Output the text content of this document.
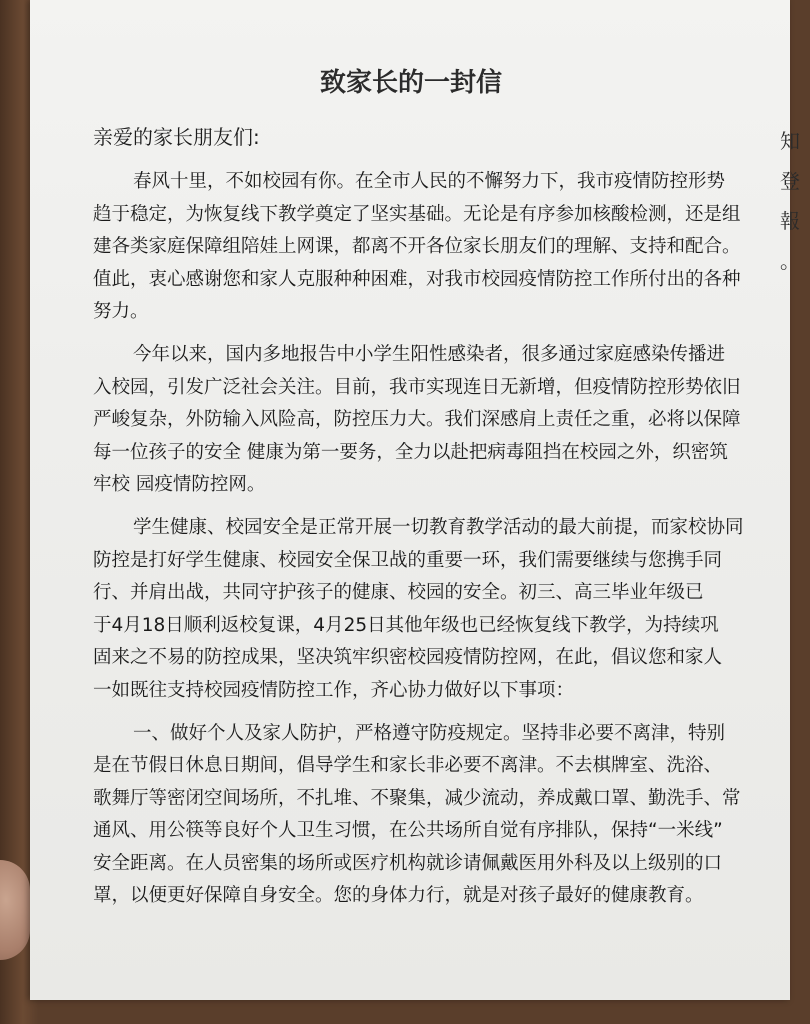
致家长的一封信
亲爱的家长朋友们:
春风十里，不如校园有你。在全市人民的不懈努力下，我市疫情防控形势
趋于稳定，为恢复线下教学奠定了坚实基础。无论是有序参加核酸检测，还是组
建各类家庭保障组陪娃上网课，都离不开各位家长朋友们的理解、支持和配合。
值此，衷心感谢您和家人克服种种困难，对我市校园疫情防控工作所付出的各种
努力。
今年以来，国内多地报告中小学生阳性感染者，很多通过家庭感染传播进
入校园，引发广泛社会关注。目前，我市实现连日无新增，但疫情防控形势依旧
严峻复杂，外防输入风险高，防控压力大。我们深感肩上责任之重，必将以保障
每一位孩子的安全 健康为第一要务，全力以赴把病毒阻挡在校园之外，织密筑
牢校 园疫情防控网。
学生健康、校园安全是正常开展一切教育教学活动的最大前提，而家校协同
防控是打好学生健康、校园安全保卫战的重要一环，我们需要继续与您携手同
行、并肩出战，共同守护孩子的健康、校园的安全。初三、高三毕业年级已
于4月18日顺利返校复课，4月25日其他年级也已经恢复线下教学，为持续巩
固来之不易的防控成果，坚决筑牢织密校园疫情防控网，在此，倡议您和家人
一如既往支持校园疫情防控工作，齐心协力做好以下事项：
一、做好个人及家人防护，严格遵守防疫规定。坚持非必要不离津，特别
是在节假日休息日期间，倡导学生和家长非必要不离津。不去棋牌室、洗浴、
歌舞厅等密闭空间场所，不扎堆、不聚集，减少流动，养成戴口罩、勤洗手、常
通风、用公筷等良好个人卫生习惯，在公共场所自觉有序排队，保持“一米线”
安全距离。在人员密集的场所或医疗机构就诊请佩戴医用外科及以上级别的口
罩，以便更好保障自身安全。您的身体力行，就是对孩子最好的健康教育。
知
登
報
。
